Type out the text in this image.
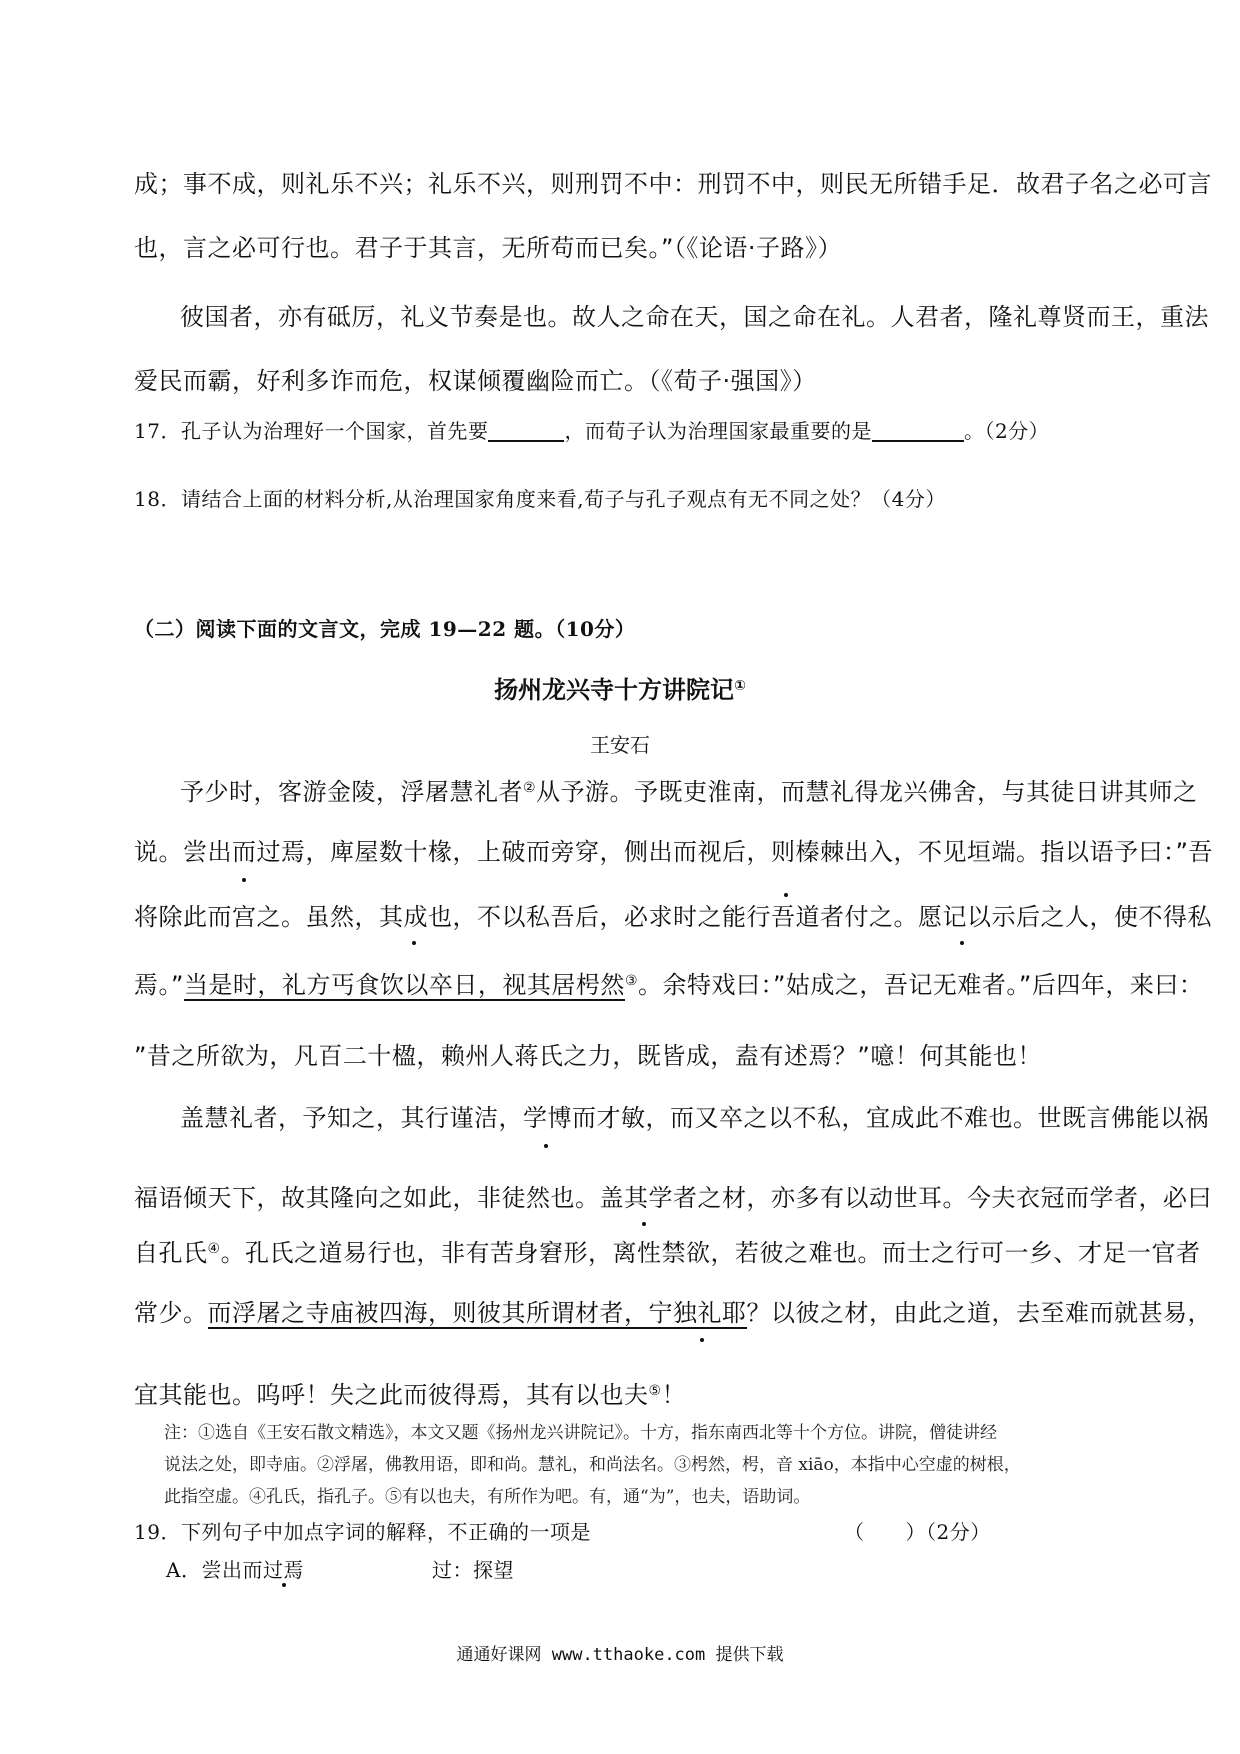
成；事不成，则礼乐不兴；礼乐不兴，则刑罚不中：刑罚不中，则民无所错手足．故君子名之必可言
也，言之必可行也。君子于其言，无所苟而已矣。”（《论语·子路》）
彼国者，亦有砥厉，礼义节奏是也。故人之命在天，国之命在礼。人君者，隆礼尊贤而王，重法
爱民而霸，好利多诈而危，权谋倾覆幽险而亡。（《荀子·强国》）
17．孔子认为治理好一个国家，首先要	，而荀子认为治理国家最重要的是	。（2分）
18．请结合上面的材料分析,从治理国家角度来看,荀子与孔子观点有无不同之处？（4分）
（二）阅读下面的文言文，完成 19—22 题。（10分）
扬州龙兴寺十方讲院记①
王安石
予少时，客游金陵，浮屠慧礼者②从予游。予既吏淮南，而慧礼得龙兴佛舍，与其徒日讲其师之
说。尝出而过焉，庳屋数十椽，上破而旁穿，侧出而视后，则榛棘出入，不见垣端。指以语予曰：”吾
将除此而宫之。虽然，其成也，不以私吾后，必求时之能行吾道者付之。愿记以示后之人，使不得私
焉。”当是时，礼方丐食饮以卒日，视其居枵然③。余特戏曰：”姑成之，吾记无难者。”后四年，来曰：
”昔之所欲为，凡百二十楹，赖州人蒋氏之力，既皆成，盍有述焉？”噫！何其能也！
盖慧礼者，予知之，其行谨洁，学博而才敏，而又卒之以不私，宜成此不难也。世既言佛能以祸
福语倾天下，故其隆向之如此，非徒然也。盖其学者之材，亦多有以动世耳。今夫衣冠而学者，必曰
自孔氏④。孔氏之道易行也，非有苦身窘形，离性禁欲，若彼之难也。而士之行可一乡、才足一官者
常少。而浮屠之寺庙被四海，则彼其所谓材者，宁独礼耶？以彼之材，由此之道，去至难而就甚易，
宜其能也。呜呼！失之此而彼得焉，其有以也夫⑤！
注：①选自《王安石散文精选》，本文又题《扬州龙兴讲院记》。十方，指东南西北等十个方位。讲院，僧徒讲经
说法之处，即寺庙。②浮屠，佛教用语，即和尚。慧礼，和尚法名。③枵然，枵，音 xiāo，本指中心空虚的树根，
此指空虚。④孔氏，指孔子。⑤有以也夫，有所作为吧。有，通“为”，也夫，语助词。
19．下列句子中加点字词的解释，不正确的一项是	（　　）（2分）
A．尝出而过焉	过：探望
通通好课网 www.tthaoke.com 提供下载
